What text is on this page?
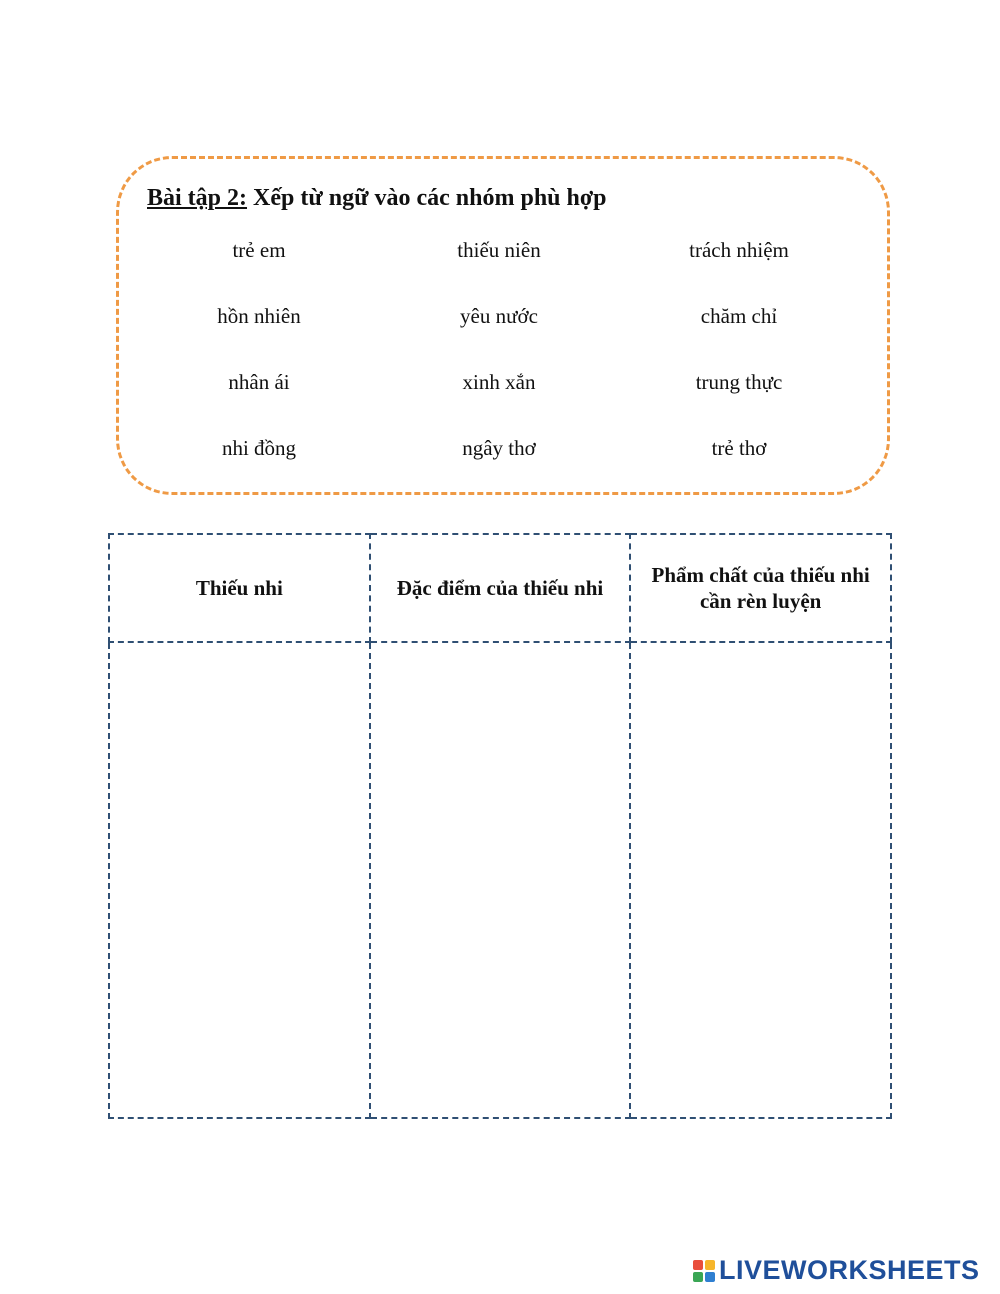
Bài tập 2: Xếp từ ngữ vào các nhóm phù hợp
trẻ em	thiếu niên	trách nhiệm
hồn nhiên	yêu nước	chăm chỉ
nhân ái	xinh xắn	trung thực
nhi đồng	ngây thơ	trẻ thơ
Thiếu nhi	Đặc điểm của thiếu nhi	Phẩm chất của thiếu nhi cần rèn luyện

LIVEWORKSHEETS
